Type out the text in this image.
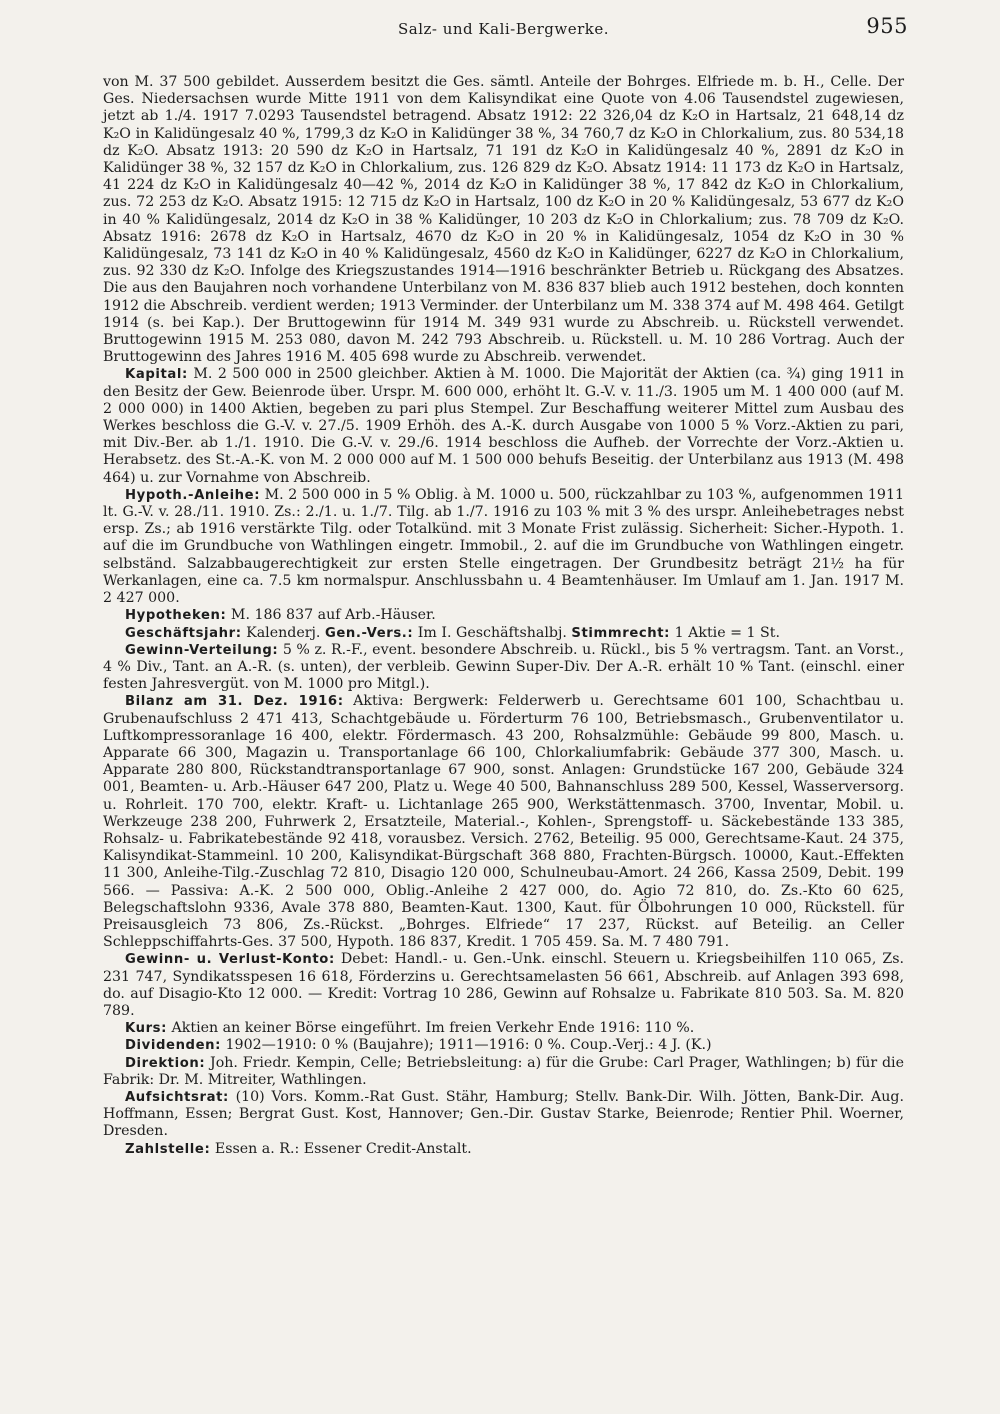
Salz- und Kali-Bergwerke.	955

von M. 37 500 gebildet. Ausserdem besitzt die Ges. sämtl. Anteile der Bohrges. Elfriede m. b. H., Celle. Der Ges. Niedersachsen wurde Mitte 1911 von dem Kalisyndikat eine Quote von 4.06 Tausendstel zugewiesen, jetzt ab 1./4. 1917 7.0293 Tausendstel betragend. Absatz 1912: 22 326,04 dz K₂O in Hartsalz, 21 648,14 dz K₂O in Kalidüngesalz 40 %, 1799,3 dz K₂O in Kalidünger 38 %, 34 760,7 dz K₂O in Chlorkalium, zus. 80 534,18 dz K₂O. Absatz 1913: 20 590 dz K₂O in Hartsalz, 71 191 dz K₂O in Kalidüngesalz 40 %, 2891 dz K₂O in Kalidünger 38 %, 32 157 dz K₂O in Chlorkalium, zus. 126 829 dz K₂O. Absatz 1914: 11 173 dz K₂O in Hartsalz, 41 224 dz K₂O in Kalidüngesalz 40—42 %, 2014 dz K₂O in Kalidünger 38 %, 17 842 dz K₂O in Chlorkalium, zus. 72 253 dz K₂O. Absatz 1915: 12 715 dz K₂O in Hartsalz, 100 dz K₂O in 20 % Kalidüngesalz, 53 677 dz K₂O in 40 % Kalidüngesalz, 2014 dz K₂O in 38 % Kalidünger, 10 203 dz K₂O in Chlorkalium; zus. 78 709 dz K₂O. Absatz 1916: 2678 dz K₂O in Hartsalz, 4670 dz K₂O in 20 % in Kalidüngesalz, 1054 dz K₂O in 30 % Kalidüngesalz, 73 141 dz K₂O in 40 % Kalidüngesalz, 4560 dz K₂O in Kalidünger, 6227 dz K₂O in Chlorkalium, zus. 92 330 dz K₂O. Infolge des Kriegszustandes 1914—1916 beschränkter Betrieb u. Rückgang des Absatzes. Die aus den Baujahren noch vorhandene Unterbilanz von M. 836 837 blieb auch 1912 bestehen, doch konnten 1912 die Abschreib. verdient werden; 1913 Verminder. der Unterbilanz um M. 338 374 auf M. 498 464. Getilgt 1914 (s. bei Kap.). Der Bruttogewinn für 1914 M. 349 931 wurde zu Abschreib. u. Rückstell verwendet. Bruttogewinn 1915 M. 253 080, davon M. 242 793 Abschreib. u. Rückstell. u. M. 10 286 Vortrag. Auch der Bruttogewinn des Jahres 1916 M. 405 698 wurde zu Abschreib. verwendet.

Kapital: M. 2 500 000 in 2500 gleichber. Aktien à M. 1000. Die Majorität der Aktien (ca. ¾) ging 1911 in den Besitz der Gew. Beienrode über. Urspr. M. 600 000, erhöht lt. G.-V. v. 11./3. 1905 um M. 1 400 000 (auf M. 2 000 000) in 1400 Aktien, begeben zu pari plus Stempel. Zur Beschaffung weiterer Mittel zum Ausbau des Werkes beschloss die G.-V. v. 27./5. 1909 Erhöh. des A.-K. durch Ausgabe von 1000 5 % Vorz.-Aktien zu pari, mit Div.-Ber. ab 1./1. 1910. Die G.-V. v. 29./6. 1914 beschloss die Aufheb. der Vorrechte der Vorz.-Aktien u. Herabsetz. des St.-A.-K. von M. 2 000 000 auf M. 1 500 000 behufs Beseitig. der Unterbilanz aus 1913 (M. 498 464) u. zur Vornahme von Abschreib.

Hypoth.-Anleihe: M. 2 500 000 in 5 % Oblig. à M. 1000 u. 500, rückzahlbar zu 103 %, aufgenommen 1911 lt. G.-V. v. 28./11. 1910. Zs.: 2./1. u. 1./7. Tilg. ab 1./7. 1916 zu 103 % mit 3 % des urspr. Anleihebetrages nebst ersp. Zs.; ab 1916 verstärkte Tilg. oder Totalkünd. mit 3 Monate Frist zulässig. Sicherheit: Sicher.-Hypoth. 1. auf die im Grundbuche von Wathlingen eingetr. Immobil., 2. auf die im Grundbuche von Wathlingen eingetr. selbständ. Salzabbaugerechtigkeit zur ersten Stelle eingetragen. Der Grundbesitz beträgt 21½ ha für Werkanlagen, eine ca. 7.5 km normalspur. Anschlussbahn u. 4 Beamtenhäuser. Im Umlauf am 1. Jan. 1917 M. 2 427 000.

Hypotheken: M. 186 837 auf Arb.-Häuser.

Geschäftsjahr: Kalenderj. Gen.-Vers.: Im I. Geschäftshalbj. Stimmrecht: 1 Aktie = 1 St.

Gewinn-Verteilung: 5 % z. R.-F., event. besondere Abschreib. u. Rückl., bis 5 % vertragsm. Tant. an Vorst., 4 % Div., Tant. an A.-R. (s. unten), der verbleib. Gewinn Super-Div. Der A.-R. erhält 10 % Tant. (einschl. einer festen Jahresvergüt. von M. 1000 pro Mitgl.).

Bilanz am 31. Dez. 1916: Aktiva: Bergwerk: Felderwerb u. Gerechtsame 601 100, Schachtbau u. Grubenaufschluss 2 471 413, Schachtgebäude u. Förderturm 76 100, Betriebsmasch., Grubenventilator u. Luftkompressoranlage 16 400, elektr. Fördermasch. 43 200, Rohsalzmühle: Gebäude 99 800, Masch. u. Apparate 66 300, Magazin u. Transportanlage 66 100, Chlorkaliumfabrik: Gebäude 377 300, Masch. u. Apparate 280 800, Rückstandtransportanlage 67 900, sonst. Anlagen: Grundstücke 167 200, Gebäude 324 001, Beamten- u. Arb.-Häuser 647 200, Platz u. Wege 40 500, Bahnanschluss 289 500, Kessel, Wasserversorg. u. Rohrleit. 170 700, elektr. Kraft- u. Lichtanlage 265 900, Werkstättenmasch. 3700, Inventar, Mobil. u. Werkzeuge 238 200, Fuhrwerk 2, Ersatzteile, Material.-, Kohlen-, Sprengstoff- u. Säckebestände 133 385, Rohsalz- u. Fabrikatebestände 92 418, vorausbez. Versich. 2762, Beteilig. 95 000, Gerechtsame-Kaut. 24 375, Kalisyndikat-Stammeinl. 10 200, Kalisyndikat-Bürgschaft 368 880, Frachten-Bürgsch. 10000, Kaut.-Effekten 11 300, Anleihe-Tilg.-Zuschlag 72 810, Disagio 120 000, Schulneubau-Amort. 24 266, Kassa 2509, Debit. 199 566. — Passiva: A.-K. 2 500 000, Oblig.-Anleihe 2 427 000, do. Agio 72 810, do. Zs.-Kto 60 625, Belegschaftslohn 9336, Avale 378 880, Beamten-Kaut. 1300, Kaut. für Ölbohrungen 10 000, Rückstell. für Preisausgleich 73 806, Zs.-Rückst. „Bohrges. Elfriede“ 17 237, Rückst. auf Beteilig. an Celler Schleppschiffahrts-Ges. 37 500, Hypoth. 186 837, Kredit. 1 705 459. Sa. M. 7 480 791.

Gewinn- u. Verlust-Konto: Debet: Handl.- u. Gen.-Unk. einschl. Steuern u. Kriegsbeihilfen 110 065, Zs. 231 747, Syndikatsspesen 16 618, Förderzins u. Gerechtsamelasten 56 661, Abschreib. auf Anlagen 393 698, do. auf Disagio-Kto 12 000. — Kredit: Vortrag 10 286, Gewinn auf Rohsalze u. Fabrikate 810 503. Sa. M. 820 789.

Kurs: Aktien an keiner Börse eingeführt. Im freien Verkehr Ende 1916: 110 %.

Dividenden: 1902—1910: 0 % (Baujahre); 1911—1916: 0 %. Coup.-Verj.: 4 J. (K.)

Direktion: Joh. Friedr. Kempin, Celle; Betriebsleitung: a) für die Grube: Carl Prager, Wathlingen; b) für die Fabrik: Dr. M. Mitreiter, Wathlingen.

Aufsichtsrat: (10) Vors. Komm.-Rat Gust. Stähr, Hamburg; Stellv. Bank-Dir. Wilh. Jötten, Bank-Dir. Aug. Hoffmann, Essen; Bergrat Gust. Kost, Hannover; Gen.-Dir. Gustav Starke, Beienrode; Rentier Phil. Woerner, Dresden.

Zahlstelle: Essen a. R.: Essener Credit-Anstalt.
